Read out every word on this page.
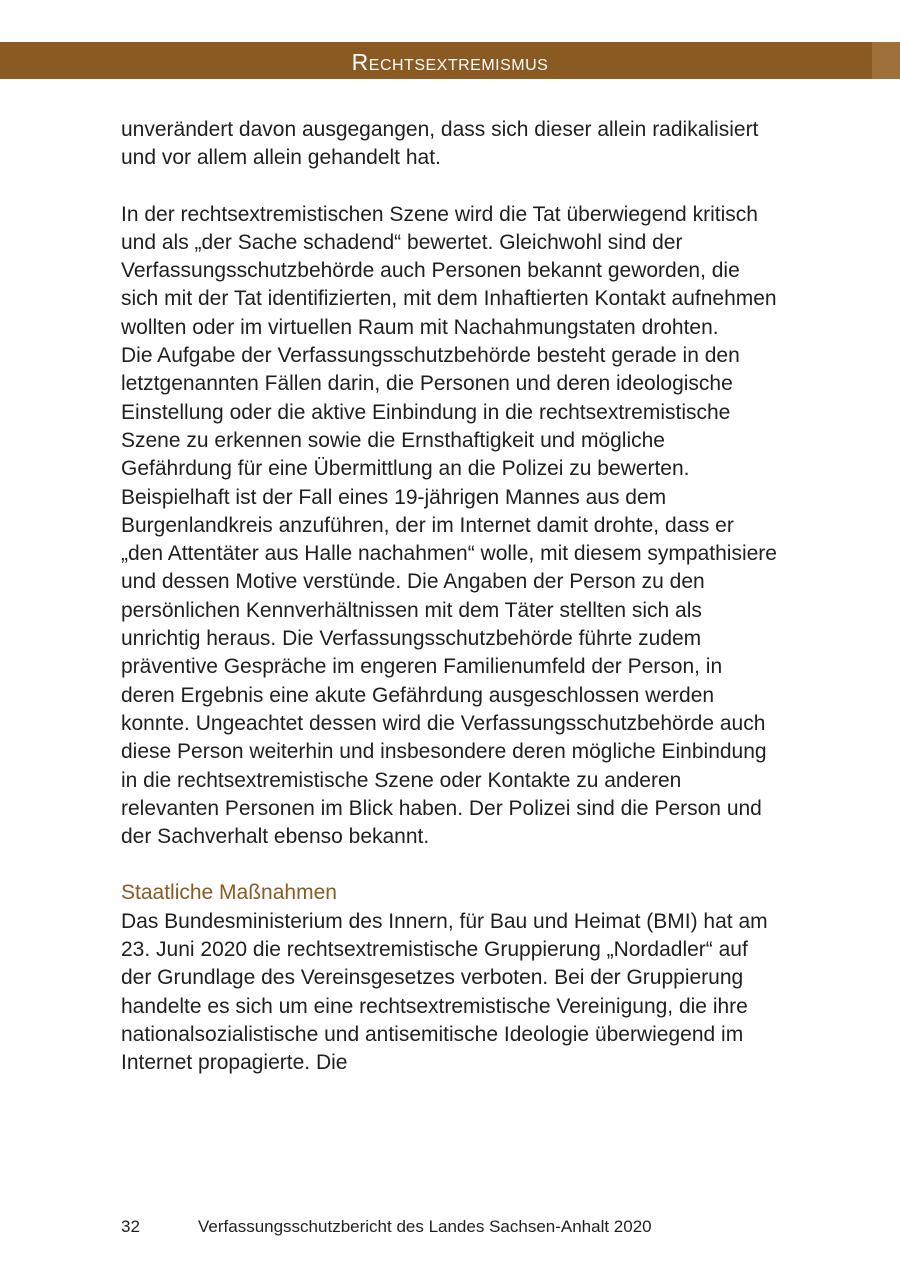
Rechtsextremismus

unverändert davon ausgegangen, dass sich dieser allein radikalisiert und vor allem allein gehandelt hat.

In der rechtsextremistischen Szene wird die Tat überwiegend kritisch und als „der Sache schadend“ bewertet. Gleichwohl sind der Verfassungsschutzbehörde auch Personen bekannt geworden, die sich mit der Tat identifizierten, mit dem Inhaftierten Kontakt aufnehmen wollten oder im virtuellen Raum mit Nachahmungstaten drohten.

Die Aufgabe der Verfassungsschutzbehörde besteht gerade in den letztgenannten Fällen darin, die Personen und deren ideologische Einstellung oder die aktive Einbindung in die rechtsextremistische Szene zu erkennen sowie die Ernsthaftigkeit und mögliche Gefährdung für eine Übermittlung an die Polizei zu bewerten. Beispielhaft ist der Fall eines 19-jährigen Mannes aus dem Burgenlandkreis anzuführen, der im Internet damit drohte, dass er „den Attentäter aus Halle nachahmen“ wolle, mit diesem sympathisiere und dessen Motive verstünde. Die Angaben der Person zu den persönlichen Kennverhältnissen mit dem Täter stellten sich als unrichtig heraus. Die Verfassungsschutzbehörde führte zudem präventive Gespräche im engeren Familienumfeld der Person, in deren Ergebnis eine akute Gefährdung ausgeschlossen werden konnte. Ungeachtet dessen wird die Verfassungsschutzbehörde auch diese Person weiterhin und insbesondere deren mögliche Einbindung in die rechtsextremistische Szene oder Kontakte zu anderen relevanten Personen im Blick haben. Der Polizei sind die Person und der Sachverhalt ebenso bekannt.

Staatliche Maßnahmen

Das Bundesministerium des Innern, für Bau und Heimat (BMI) hat am 23. Juni 2020 die rechtsextremistische Gruppierung „Nordadler“ auf der Grundlage des Vereinsgesetzes verboten. Bei der Gruppierung handelte es sich um eine rechtsextremistische Vereinigung, die ihre nationalsozialistische und antisemitische Ideologie überwiegend im Internet propagierte. Die

32	Verfassungsschutzbericht des Landes Sachsen-Anhalt 2020
